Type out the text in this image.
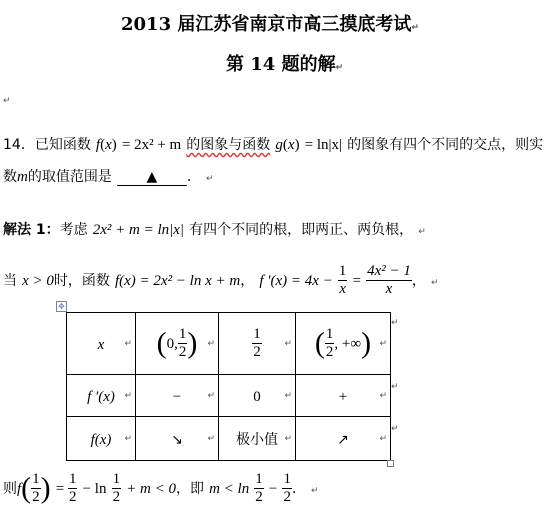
2013 届江苏省南京市高三摸底考试↵
第 14 题的解↵
↵
14．已知函数 f(x) = 2x² + m 的图象与函数 g(x) = ln|x| 的图象有四个不同的交点，则实
数m的取值范围是 ▲ ． ↵
解法 1：考虑 2x² + m = ln|x| 有四个不同的根，即两正、两负根， ↵
当 x > 0时，函数 f(x) = 2x² − ln x + m， f $'(x) = 4x - \frac{1}{x} = \frac{\text{4x² − 1}}{x}$ ， ↵
✥
x ↵	(0, $\frac{1}{2}$ ) ↵	$\frac{1}{2}$ ↵	( $\frac{1}{2}$ , +∞) ↵

f ′(x) ↵	− ↵	0 ↵	+ ↵

f(x) ↵	↘ ↵	极小值 ↵	↗ ↵
↵
↵
↵
则$f( \frac{1}{2}$ ) = $\frac{1}{2} - \ln \frac{1}{2} + m < 0$，即 $m < \ln \frac{1}{2} - \frac{1}{2}$ ． ↵
